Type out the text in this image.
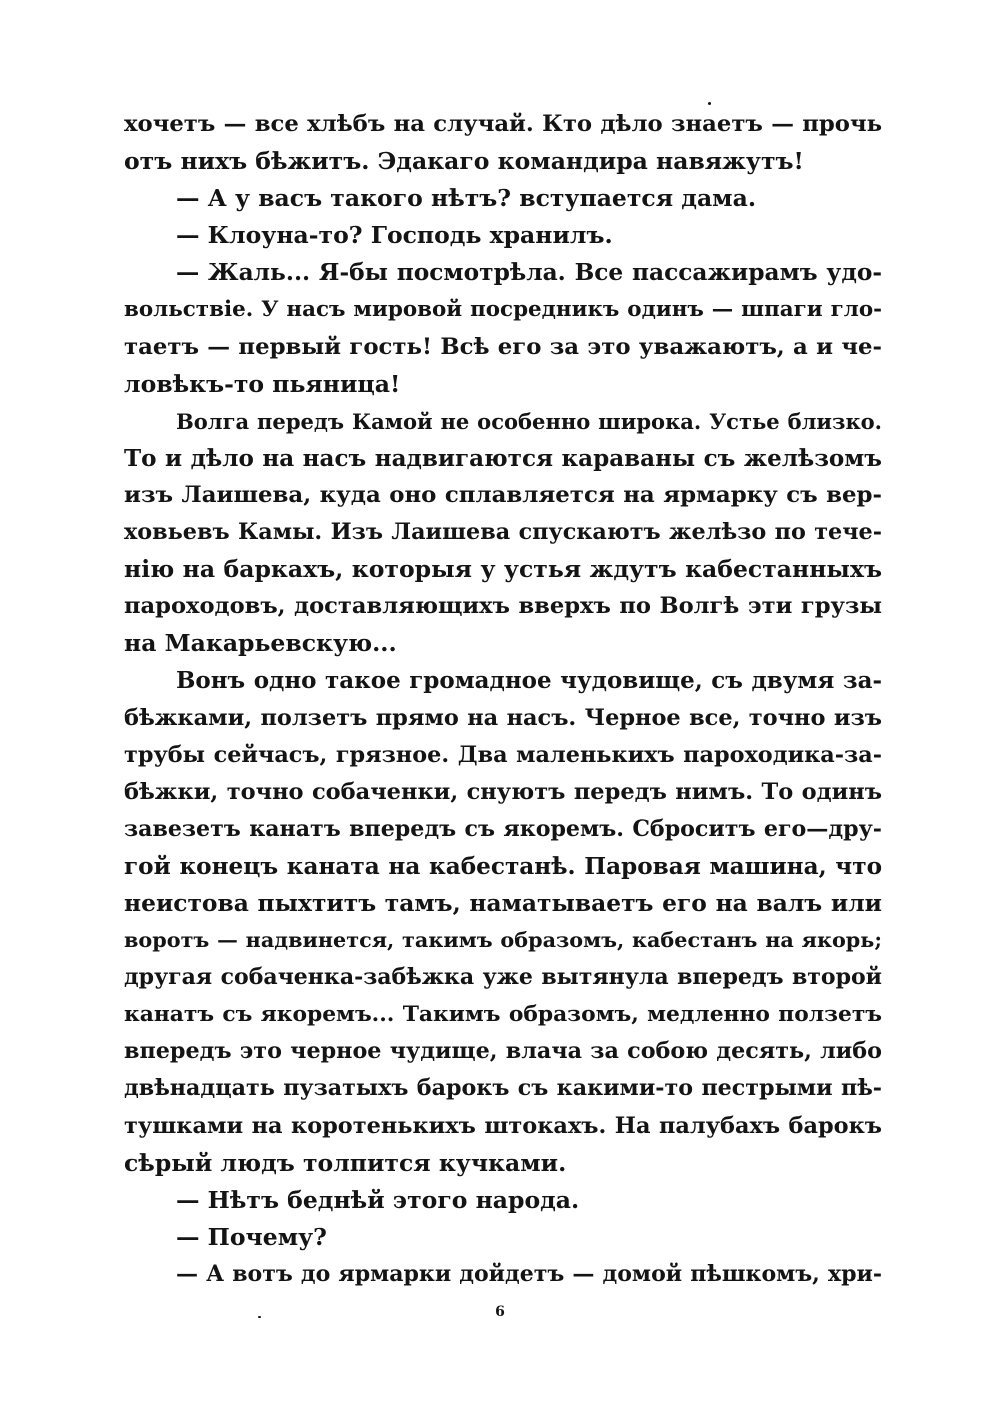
хочетъ — все хлѣбъ на случай. Кто дѣло знаетъ — прочь
отъ нихъ бѣжитъ. Эдакаго командира навяжутъ!
— А у васъ такого нѣтъ? вступается дама.
— Клоуна-то? Господь хранилъ.
— Жаль... Я-бы посмотрѣла. Все пассажирамъ удо-
вольствiе. У насъ мировой посредникъ одинъ — шпаги гло-
таетъ — первый гость! Всѣ его за это уважаютъ, а и че-
ловѣкъ-то пьяница!
Волга передъ Камой не особенно широка. Устье близко.
То и дѣло на насъ надвигаются караваны съ желѣзомъ
изъ Лаишева, куда оно сплавляется на ярмарку съ вер-
ховьевъ Камы. Изъ Лаишева спускаютъ желѣзо по тече-
нiю на баркахъ, которыя у устья ждутъ кабестанныхъ
пароходовъ, доставляющихъ вверхъ по Волгѣ эти грузы
на Макарьевскую...
Вонъ одно такое громадное чудовище, съ двумя за-
бѣжками, ползетъ прямо на насъ. Черное все, точно изъ
трубы сейчасъ, грязное. Два маленькихъ пароходика-за-
бѣжки, точно собаченки, снуютъ передъ нимъ. То одинъ
завезетъ канатъ впередъ съ якоремъ. Сброситъ его—дру-
гой конецъ каната на кабестанѣ. Паровая машина, что
неистова пыхтитъ тамъ, наматываетъ его на валъ или
воротъ — надвинется, такимъ образомъ, кабестанъ на якорь;
другая собаченка-забѣжка уже вытянула впередъ второй
канатъ съ якоремъ... Такимъ образомъ, медленно ползетъ
впередъ это черное чудище, влача за собою десять, либо
двѣнадцать пузатыхъ барокъ съ какими-то пестрыми пѣ-
тушками на коротенькихъ штокахъ. На палубахъ барокъ
сѣрый людъ толпится кучками.
— Нѣтъ беднѣй этого народа.
— Почему?
— А вотъ до ярмарки дойдетъ — домой пѣшкомъ, хри-
6
